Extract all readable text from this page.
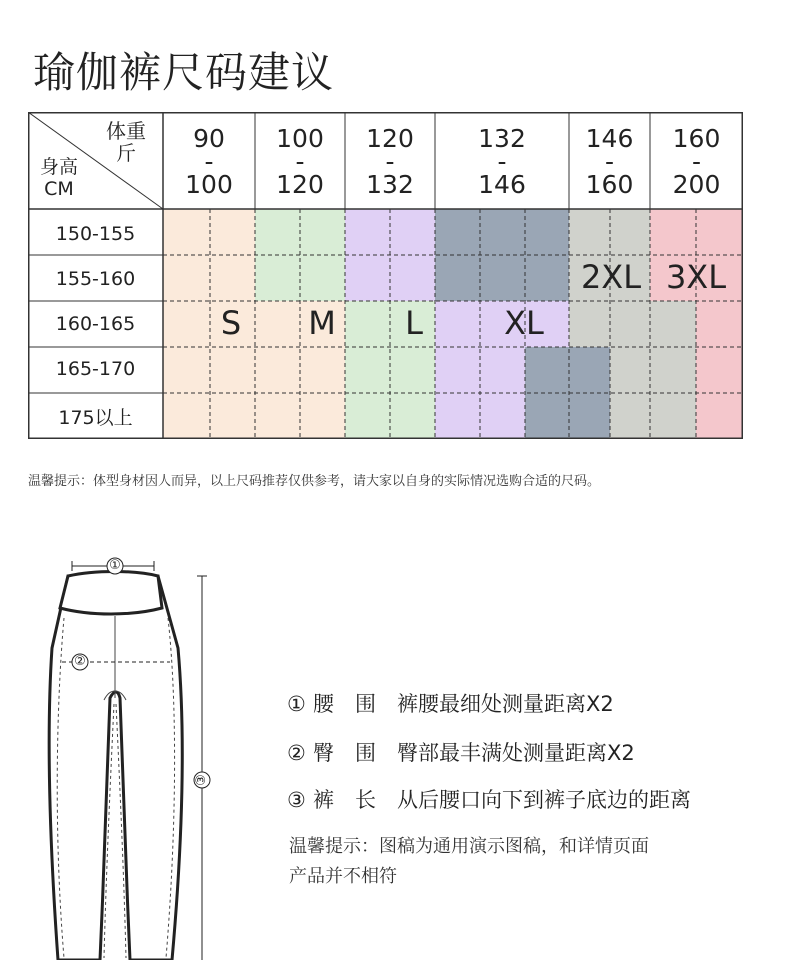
瑜伽裤尺码建议
体重
斤
身高
CM
90
-
100
100
-
120
120
-
132
132
-
146
146
-
160
160
-
200
150-155
155-160
160-165
165-170
175以上
S M L	XL
2XL 3XL
温馨提示：体型身材因人而异，以上尺码推荐仅供参考，请大家以自身的实际情况选购合适的尺码。
①
②
③
① 腰　围 裤腰最细处测量距离X2
② 臀　围 臀部最丰满处测量距离X2
③ 裤　长 从后腰口向下到裤子底边的距离
温馨提示：图稿为通用演示图稿，和详情页面
产品并不相符
